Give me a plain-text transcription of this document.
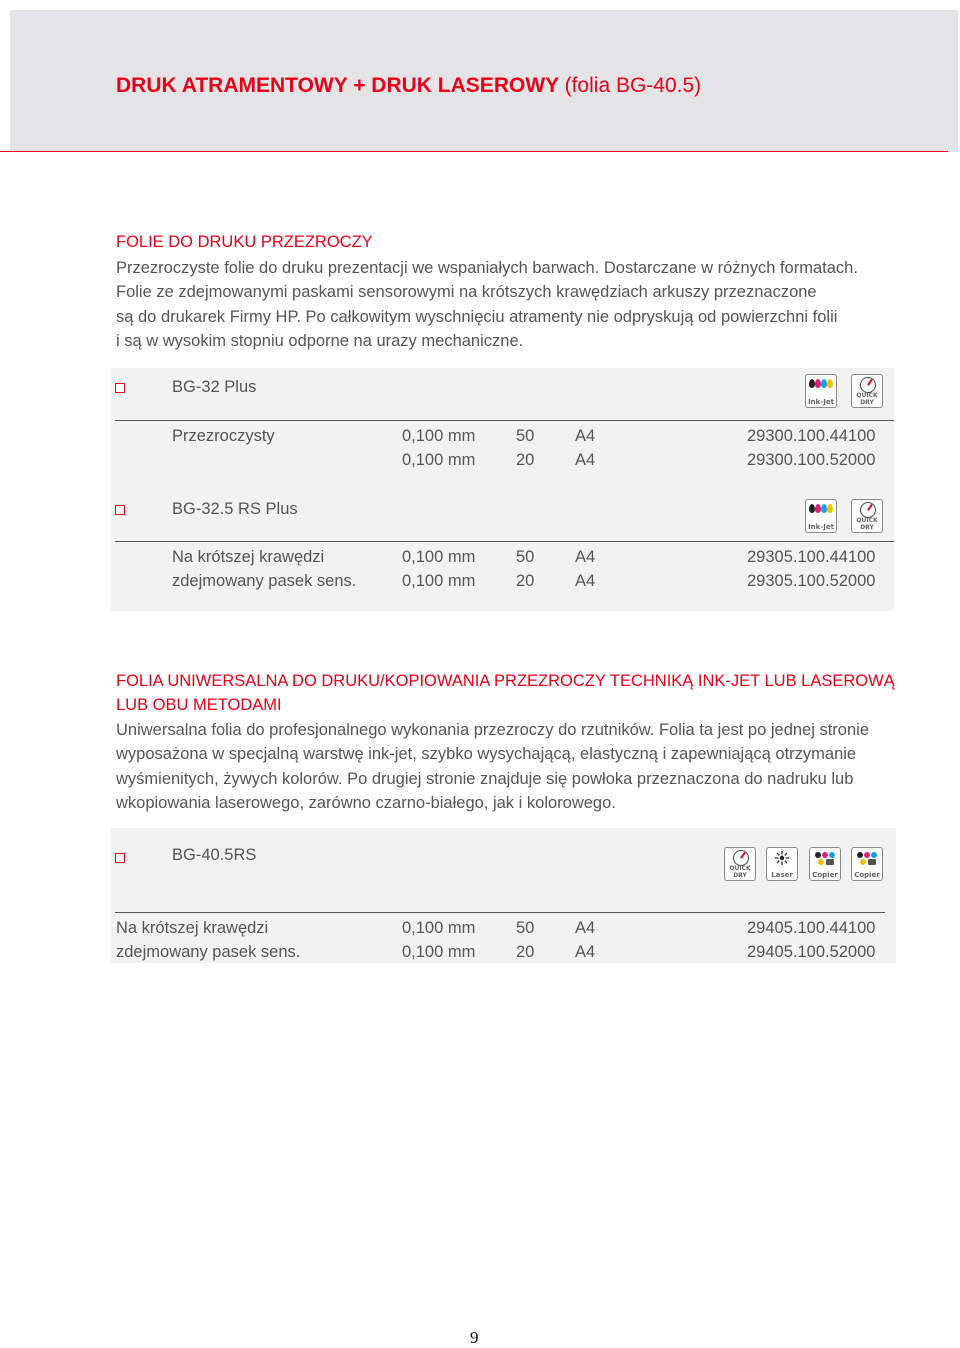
DRUK ATRAMENTOWY + DRUK LASEROWY (folia BG-40.5)
FOLIE DO DRUKU PRZEZROCZY

Przezroczyste folie do druku prezentacji we wspaniałych barwach. Dostarczane w różnych formatach.
Folie ze zdejmowanymi paskami sensorowymi na krótszych krawędziach arkuszy przeznaczone
są do drukarek Firmy HP. Po całkowitym wyschnięciu atramenty nie odpryskują od powierzchni folii
i są w wysokim stopniu odporne na urazy mechaniczne.

BG-32 Plus
Ink-Jet
QUICK
DRY
Przezroczysty	0,100 mm 50 A4	29300.100.44100
0,100 mm 20 A4	29300.100.52000
BG-32.5 RS Plus
Ink-Jet
QUICK
DRY
Na krótszej krawędzi	0,100 mm 50 A4	29305.100.44100
zdejmowany pasek sens.	0,100 mm 20 A4	29305.100.52000
FOLIA UNIWERSALNA DO DRUKU/KOPIOWANIA PRZEZROCZY TECHNIKĄ INK-JET LUB LASEROWĄ
LUB OBU METODAMI

Uniwersalna folia do profesjonalnego wykonania przezroczy do rzutników. Folia ta jest po jednej stronie
wyposażona w specjalną warstwę ink-jet, szybko wysychającą, elastyczną i zapewniającą otrzymanie
wyśmienitych, żywych kolorów. Po drugiej stronie znajduje się powłoka przeznaczona do nadruku lub
wkopiowania laserowego, zarówno czarno-białego, jak i kolorowego.

BG-40.5RS
QUICK
DRY	Laser	Copier	Copier
Na krótszej krawędzi	0,100 mm 50 A4	29405.100.44100
zdejmowany pasek sens.	0,100 mm 20 A4	29405.100.52000
9
